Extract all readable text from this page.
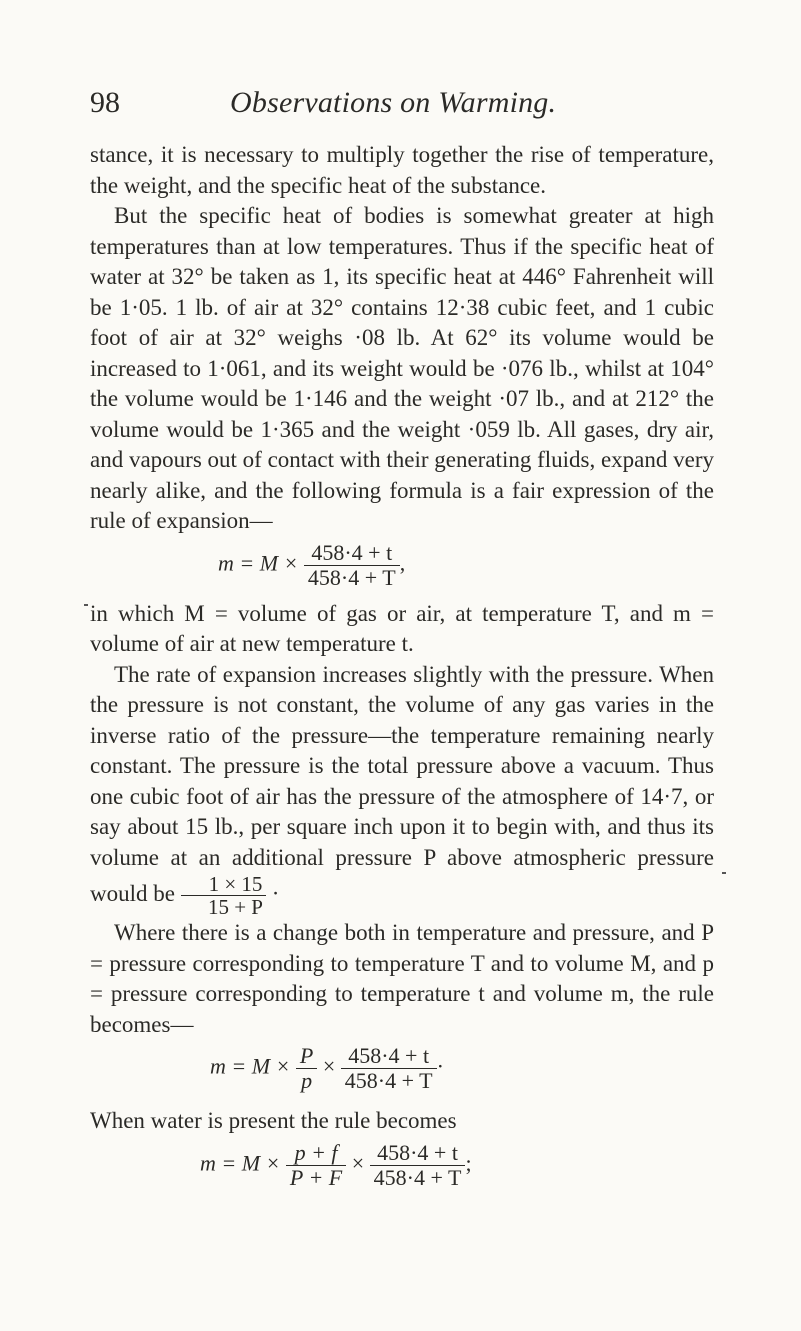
98	Observations on Warming.

stance, it is necessary to multiply together the rise of temperature, the weight, and the specific heat of the substance.

But the specific heat of bodies is somewhat greater at high temperatures than at low temperatures. Thus if the specific heat of water at 32° be taken as 1, its specific heat at 446° Fahrenheit will be 1·05. 1 lb. of air at 32° contains 12·38 cubic feet, and 1 cubic foot of air at 32° weighs ·08 lb. At 62° its volume would be increased to 1·061, and its weight would be ·076 lb., whilst at 104° the volume would be 1·146 and the weight ·07 lb., and at 212° the volume would be 1·365 and the weight ·059 lb. All gases, dry air, and vapours out of contact with their generating fluids, expand very nearly alike, and the following formula is a fair expression of the rule of expansion—

$m = M \times \frac{458\cdot 4 + t}{458\cdot 4 + T}$ ,

in which M = volume of gas or air, at temperature T, and m = volume of air at new temperature t.

The rate of expansion increases slightly with the pressure. When the pressure is not constant, the volume of any gas varies in the inverse ratio of the pressure—the temperature remaining nearly constant. The pressure is the total pressure above a vacuum. Thus one cubic foot of air has the pressure of the atmosphere of 14·7, or say about 15 lb., per square inch upon it to begin with, and thus its volume at an additional pressure P above atmospheric pressure would be $\frac{1 \times 15}{15 + P}$ ·

Where there is a change both in temperature and pressure, and P = pressure corresponding to temperature T and to volume M, and p = pressure corresponding to temperature t and volume m, the rule becomes—

$m = M \times \frac{P}{p} \times \frac{458\cdot 4 + t}{458\cdot 4 + T}$ ·

When water is present the rule becomes

$m = M \times \frac{p + f}{P + F} \times \frac{458\cdot 4 + t}{458\cdot 4 + T}$ ;
